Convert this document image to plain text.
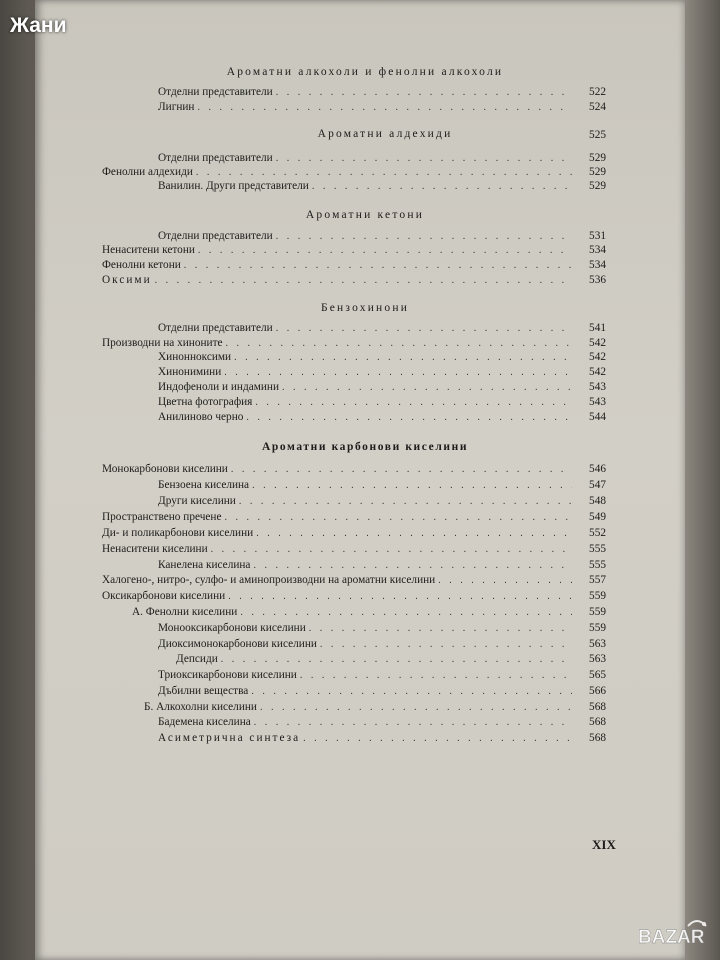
Жани
BAZAR
Ароматни алкохоли и фенолни алкохоли
Отделни представители . . .	522
Лигнин . . .	524
Ароматни алдехиди	525
Отделни представители . . .	529
Фенолни алдехиди . . .	529
Ванилин. Други представители . . .	529
Ароматни кетони
Отделни представители . . .	531
Ненаситени кетони . . .	534
Фенолни кетони . . .	534
Оксими . . .	536
Бензохинони
Отделни представители . . .	541
Производни на хиноните . . .	542
Хинонноксими . . .	542
Хинонимини . . .	542
Индофеноли и индамини . . .	543
Цветна фотография . . .	543
Анилиново черно . . .	544
Ароматни карбонови киселини
Монокарбонови киселини . . .	546
Бензоена киселина . . .	547
Други киселини . . .	548
Пространствено пречене . . .	549
Ди- и поликарбонови киселини . . .	552
Ненаситени киселини . . .	555
Канелена киселина . . .	555
Халогено-, нитро-, сулфо- и аминопроизводни на ароматни киселини . . .	557
Оксикарбонови киселини . . .	559
А. Фенолни киселини . . .	559
Монооксикарбонови киселини . . .	559
Диоксимонокарбонови киселини . . .	563
Депсиди . . .	563
Триоксикарбонови киселини . . .	565
Дъбилни вещества . . .	566
Б. Алкохолни киселини . . .	568
Бадемена киселина . . .	568
Асиметрична синтеза . . .	568
XIX
